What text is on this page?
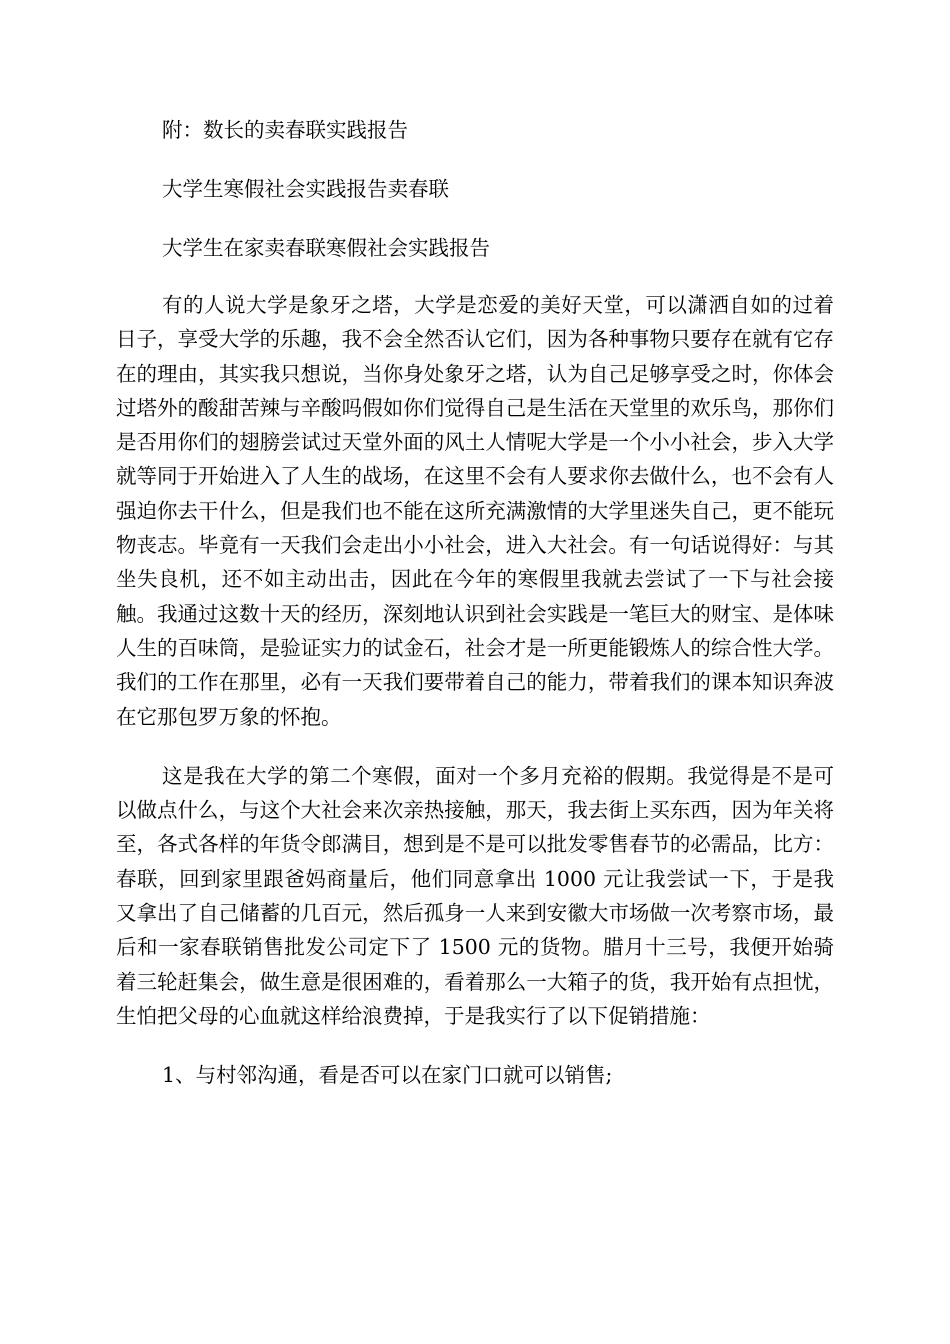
附：数长的卖春联实践报告

大学生寒假社会实践报告卖春联

大学生在家卖春联寒假社会实践报告

有的人说大学是象牙之塔，大学是恋爱的美好天堂，可以潇洒自如的过着日子，享受大学的乐趣，我不会全然否认它们，因为各种事物只要存在就有它存在的理由，其实我只想说，当你身处象牙之塔，认为自己足够享受之时，你体会过塔外的酸甜苦辣与辛酸吗假如你们觉得自己是生活在天堂里的欢乐鸟，那你们是否用你们的翅膀尝试过天堂外面的风土人情呢大学是一个小小社会，步入大学就等同于开始进入了人生的战场，在这里不会有人要求你去做什么，也不会有人强迫你去干什么，但是我们也不能在这所充满激情的大学里迷失自己，更不能玩物丧志。毕竟有一天我们会走出小小社会，进入大社会。有一句话说得好：与其坐失良机，还不如主动出击，因此在今年的寒假里我就去尝试了一下与社会接触。我通过这数十天的经历，深刻地认识到社会实践是一笔巨大的财宝、是体味人生的百味筒，是验证实力的试金石，社会才是一所更能锻炼人的综合性大学。我们的工作在那里，必有一天我们要带着自己的能力，带着我们的课本知识奔波在它那包罗万象的怀抱。

这是我在大学的第二个寒假，面对一个多月充裕的假期。我觉得是不是可以做点什么，与这个大社会来次亲热接触，那天，我去街上买东西，因为年关将至，各式各样的年货令郎满目，想到是不是可以批发零售春节的必需品，比方：春联，回到家里跟爸妈商量后，他们同意拿出 1000 元让我尝试一下，于是我又拿出了自己储蓄的几百元，然后孤身一人来到安徽大市场做一次考察市场，最后和一家春联销售批发公司定下了 1500 元的货物。腊月十三号，我便开始骑着三轮赶集会，做生意是很困难的，看着那么一大箱子的货，我开始有点担忧，生怕把父母的心血就这样给浪费掉，于是我实行了以下促销措施：

1、与村邻沟通，看是否可以在家门口就可以销售;
